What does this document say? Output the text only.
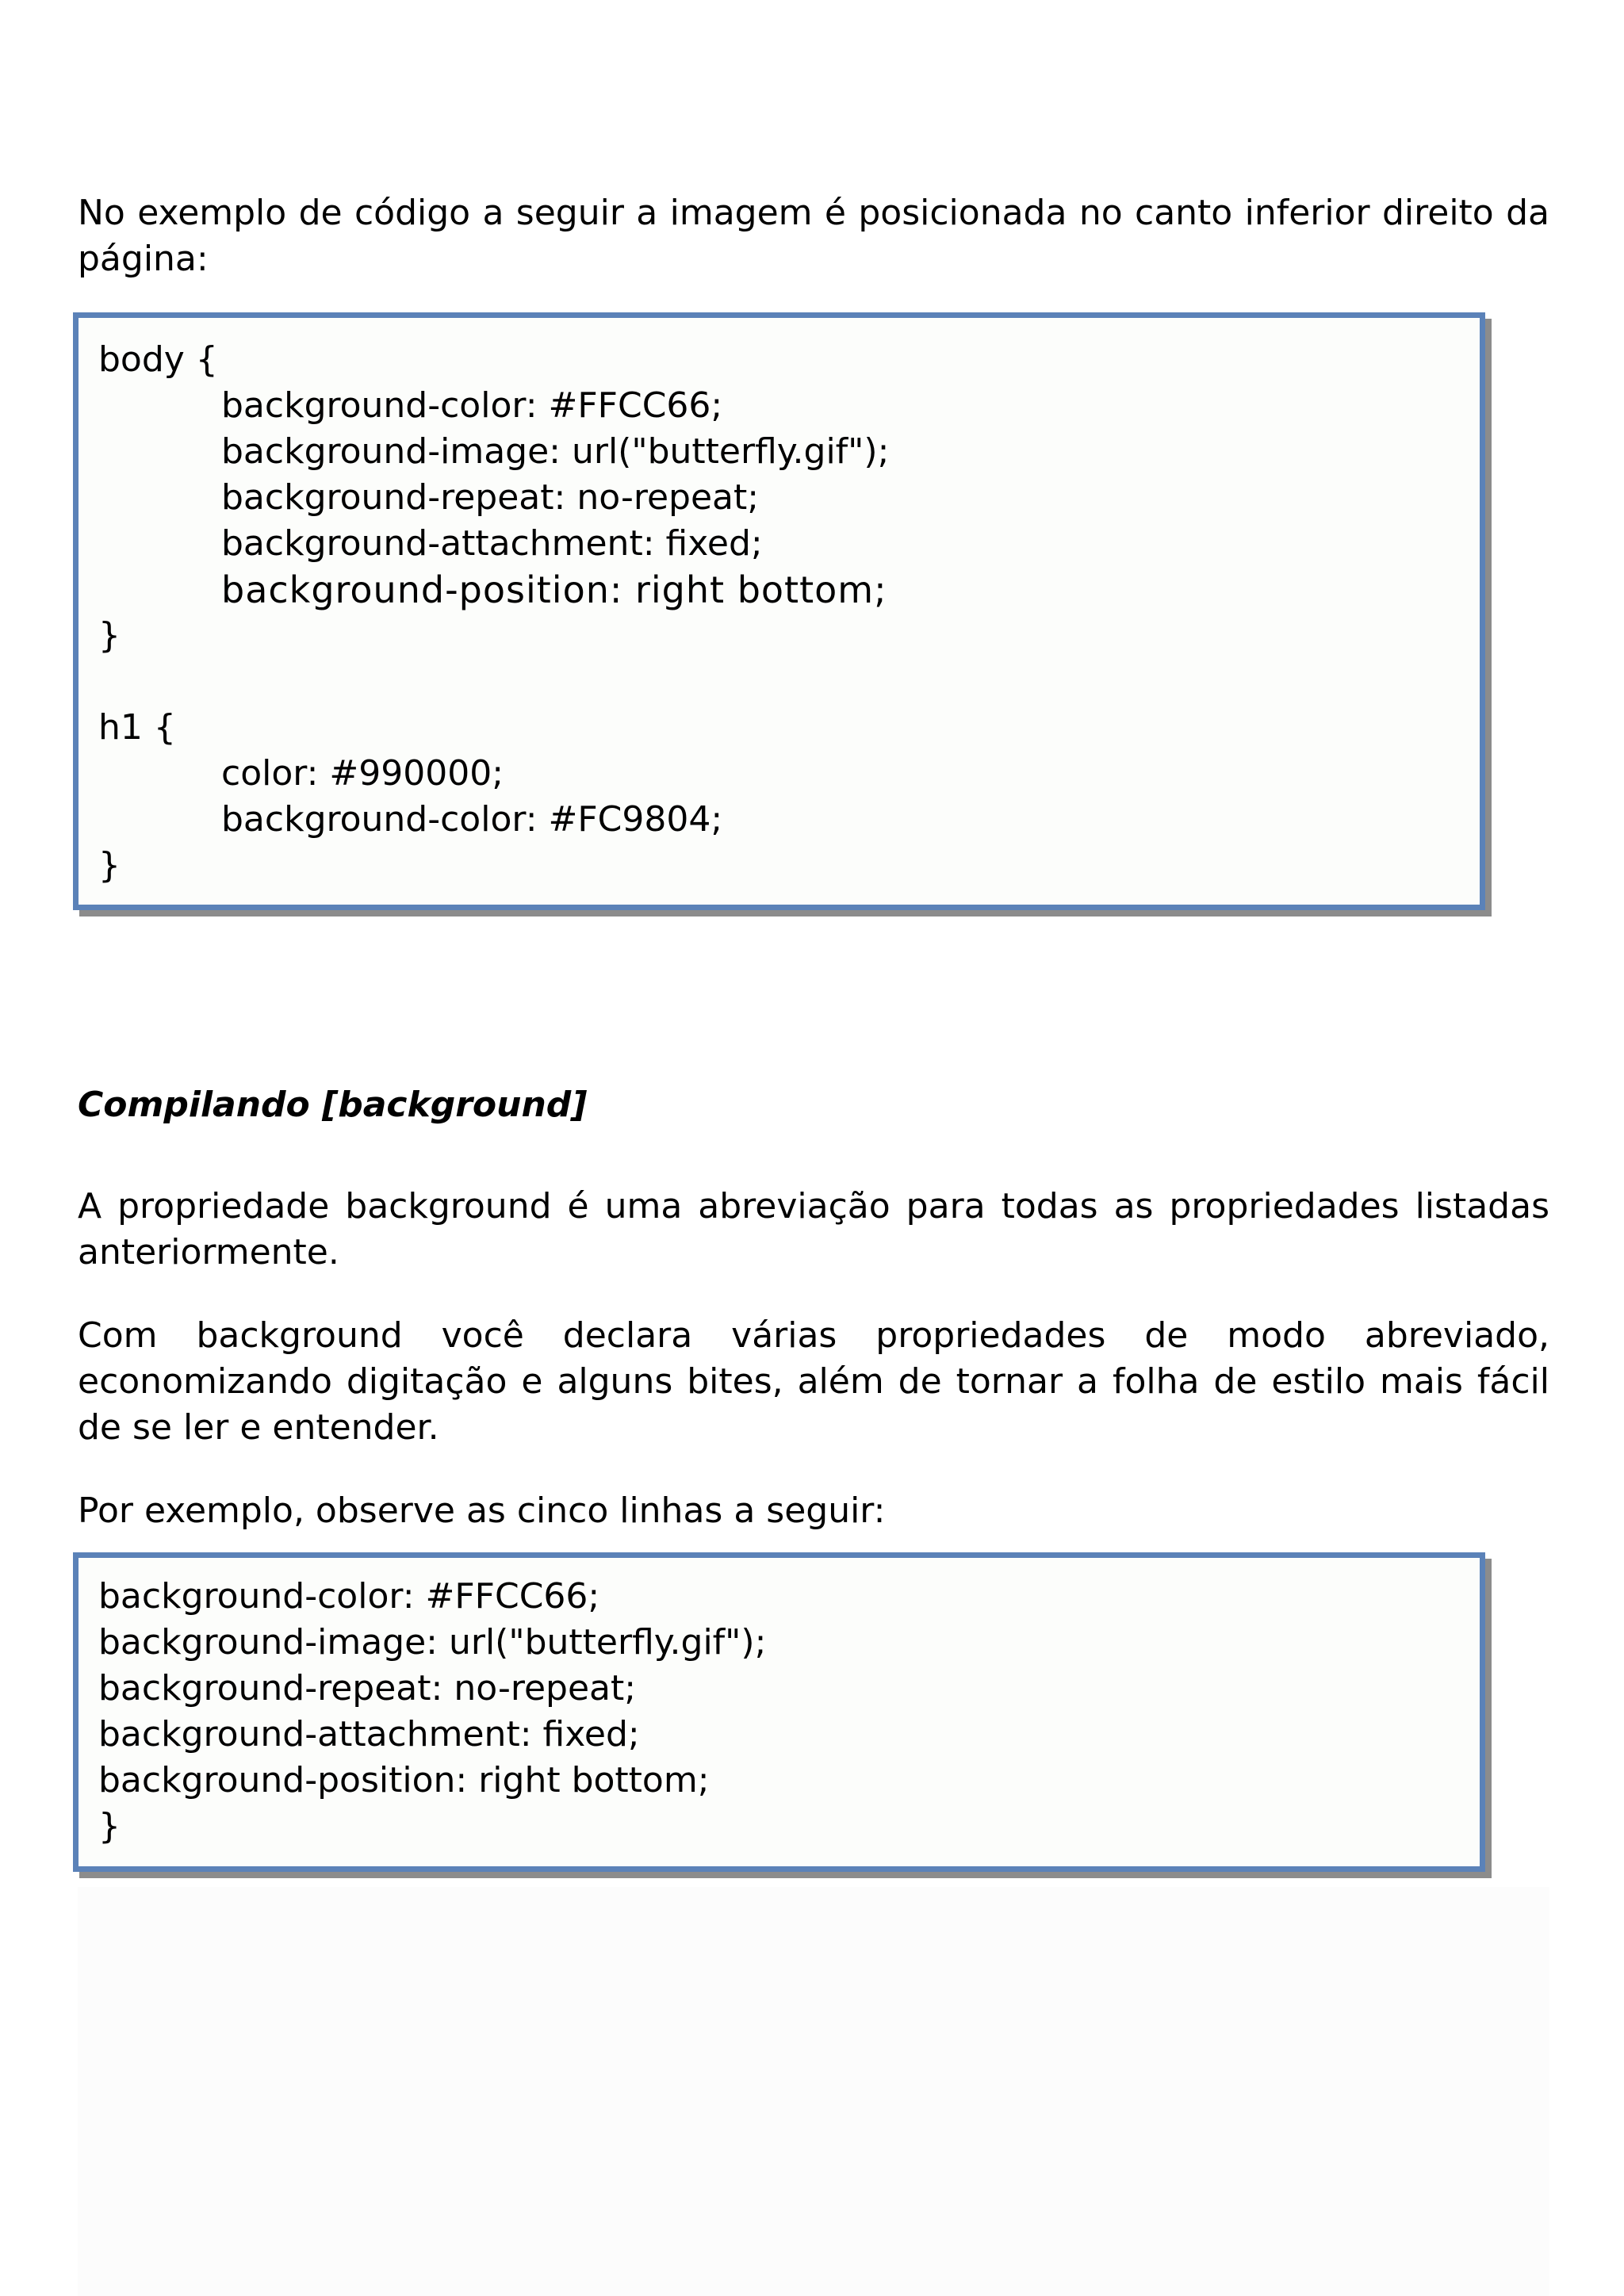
No exemplo de código a seguir a imagem é posicionada no canto inferior direito da página:

body {
background-color: #FFCC66;
background-image: url("butterfly.gif");
background-repeat: no-repeat;
background-attachment: fixed;
background-position: right bottom;
}
h1 {
color: #990000;
background-color: #FC9804;
}
Compilando [background]

A propriedade background é uma abreviação para todas as propriedades listadas anteriormente.

Com background você declara várias propriedades de modo abreviado, economizando digitação e alguns bites, além de tornar a folha de estilo mais fácil de se ler e entender.

Por exemplo, observe as cinco linhas a seguir:

background-color: #FFCC66;
background-image: url("butterfly.gif");
background-repeat: no-repeat;
background-attachment: fixed;
background-position: right bottom;
}
